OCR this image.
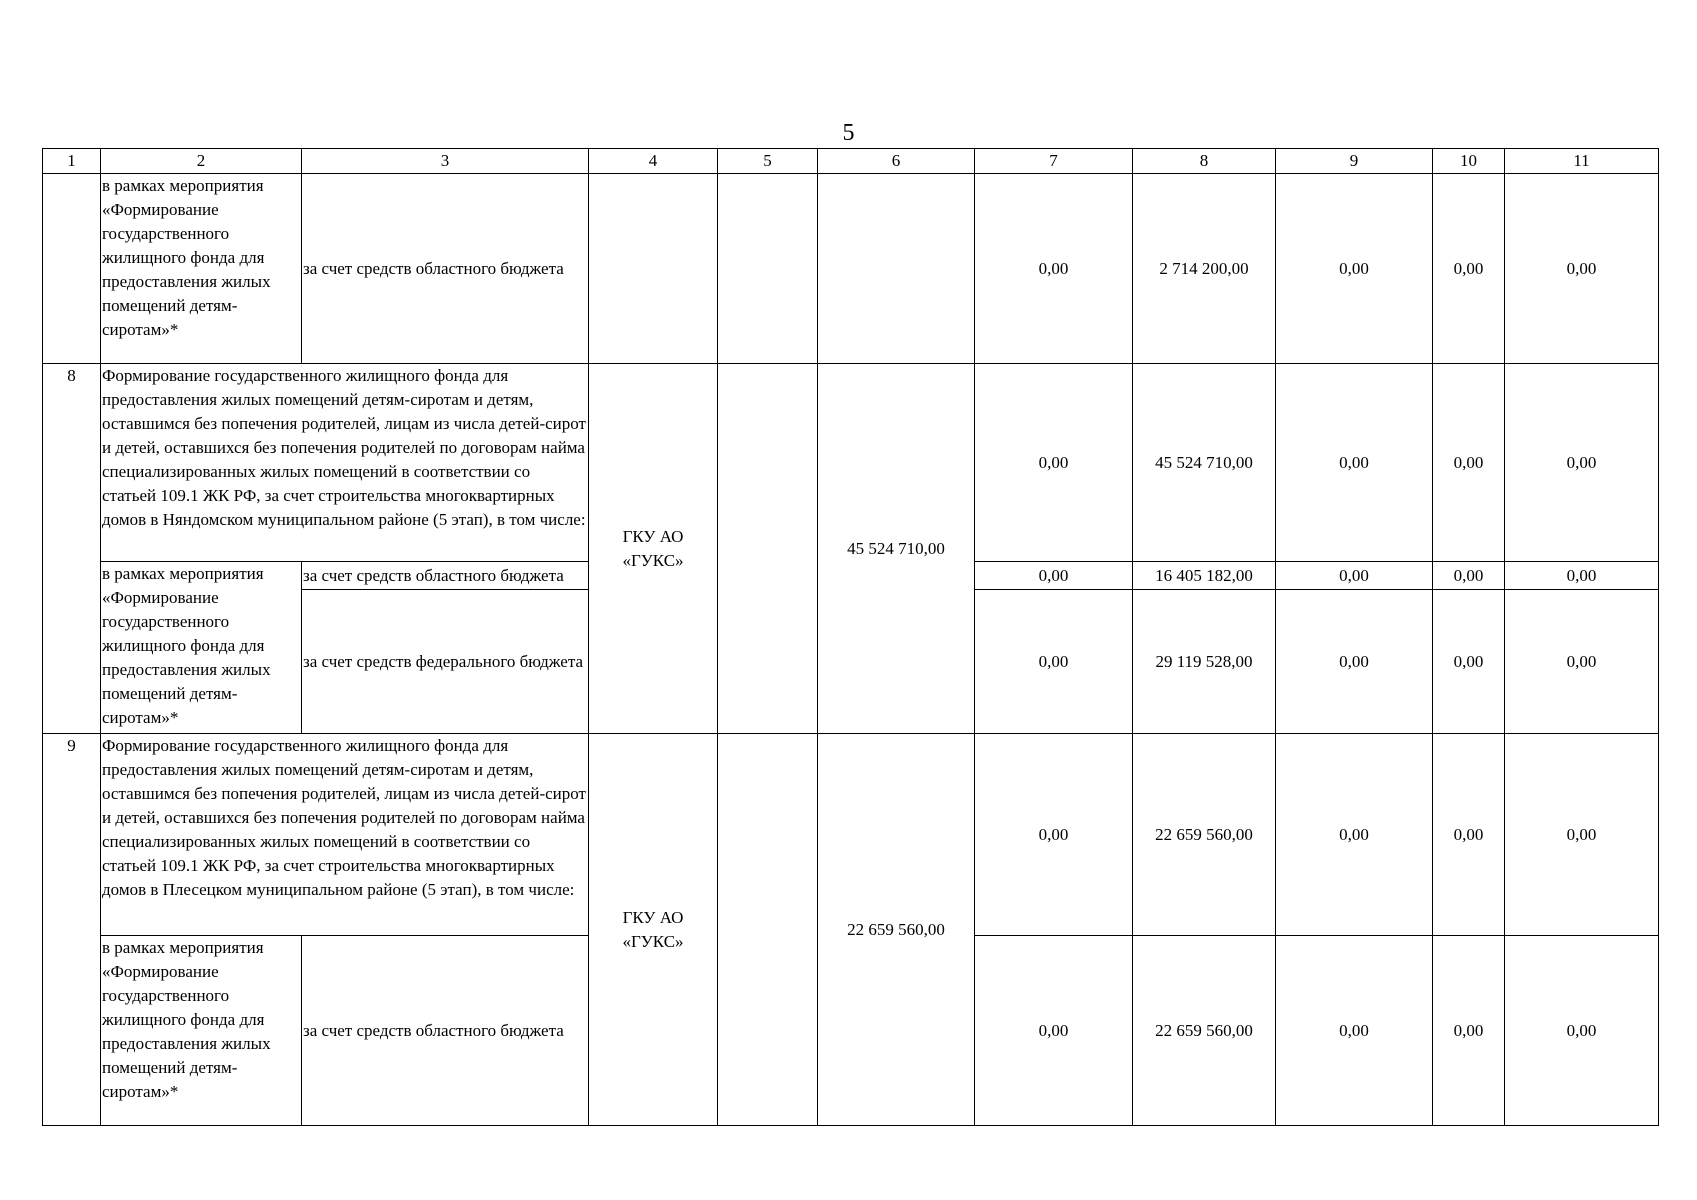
5
1	2	3	4	5	6	7	8	9	10	11
	в рамках мероприятия «Формирование государственного жилищного фонда для предоставления жилых помещений детям-сиротам»*	за счет средств областного бюджета				0,00	2 714 200,00	0,00	0,00	0,00
8	Формирование государственного жилищного фонда для предоставления жилых помещений детям-сиротам и детям, оставшимся без попечения родителей, лицам из числа детей-сирот и детей, оставшихся без попечения родителей по договорам найма специализированных жилых помещений в соответствии со статьей 109.1 ЖК РФ, за счет строительства многоквартирных домов в Няндомском муниципальном районе (5 этап), в том числе:		ГКУ АО «ГУКС»		45 524 710,00	0,00	45 524 710,00	0,00	0,00	0,00
	в рамках мероприятия «Формирование государственного жилищного фонда для предоставления жилых помещений детям-сиротам»*	за счет средств областного бюджета				0,00	16 405 182,00	0,00	0,00	0,00
		за счет средств федерального бюджета				0,00	29 119 528,00	0,00	0,00	0,00
9	Формирование государственного жилищного фонда для предоставления жилых помещений детям-сиротам и детям, оставшимся без попечения родителей, лицам из числа детей-сирот и детей, оставшихся без попечения родителей по договорам найма специализированных жилых помещений в соответствии со статьей 109.1 ЖК РФ, за счет строительства многоквартирных домов в Плесецком муниципальном районе (5 этап), в том числе:		ГКУ АО «ГУКС»		22 659 560,00	0,00	22 659 560,00	0,00	0,00	0,00
	в рамках мероприятия «Формирование государственного жилищного фонда для предоставления жилых помещений детям-сиротам»*	за счет средств областного бюджета				0,00	22 659 560,00	0,00	0,00	0,00
